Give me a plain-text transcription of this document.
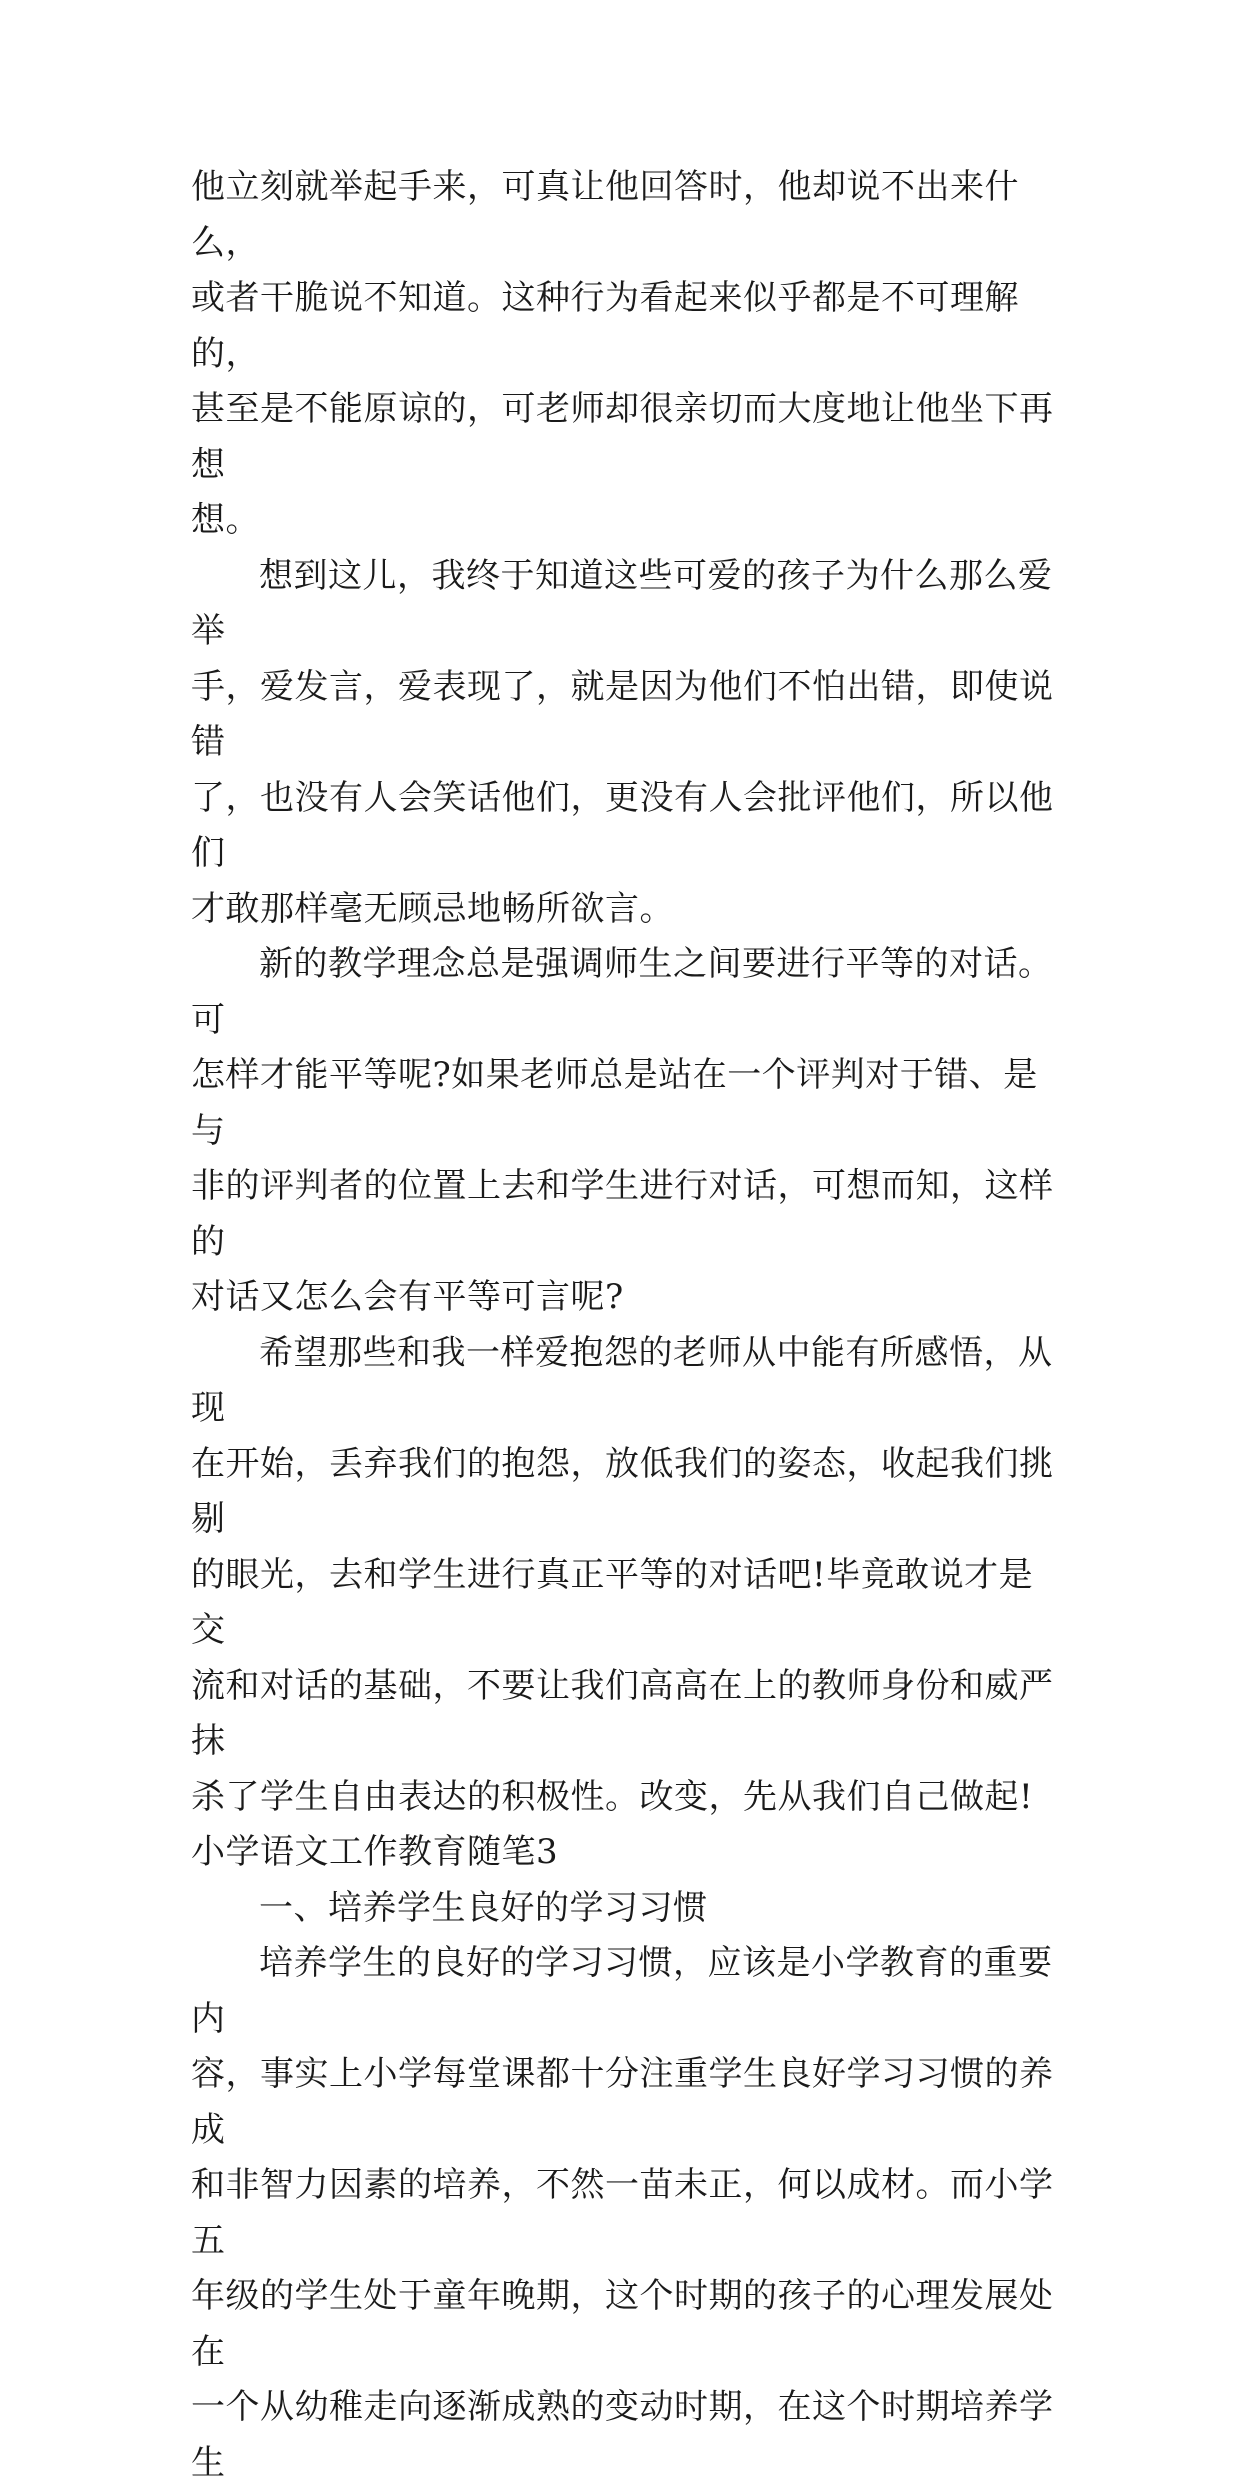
他立刻就举起手来，可真让他回答时，他却说不出来什么，
或者干脆说不知道。这种行为看起来似乎都是不可理解的，
甚至是不能原谅的，可老师却很亲切而大度地让他坐下再想
想。

想到这儿，我终于知道这些可爱的孩子为什么那么爱举
手，爱发言，爱表现了，就是因为他们不怕出错，即使说错
了，也没有人会笑话他们，更没有人会批评他们，所以他们
才敢那样毫无顾忌地畅所欲言。

新的教学理念总是强调师生之间要进行平等的对话。可
怎样才能平等呢?如果老师总是站在一个评判对于错、是与
非的评判者的位置上去和学生进行对话，可想而知，这样的
对话又怎么会有平等可言呢?

希望那些和我一样爱抱怨的老师从中能有所感悟，从现
在开始，丢弃我们的抱怨，放低我们的姿态，收起我们挑剔
的眼光，去和学生进行真正平等的对话吧!毕竟敢说才是交
流和对话的基础，不要让我们高高在上的教师身份和威严抹
杀了学生自由表达的积极性。改变，先从我们自己做起!

小学语文工作教育随笔3

一、培养学生良好的学习习惯

培养学生的良好的学习习惯，应该是小学教育的重要内
容，事实上小学每堂课都十分注重学生良好学习习惯的养成
和非智力因素的培养，不然一苗未正，何以成材。而小学五
年级的学生处于童年晚期，这个时期的孩子的心理发展处在
一个从幼稚走向逐渐成熟的变动时期，在这个时期培养学生
